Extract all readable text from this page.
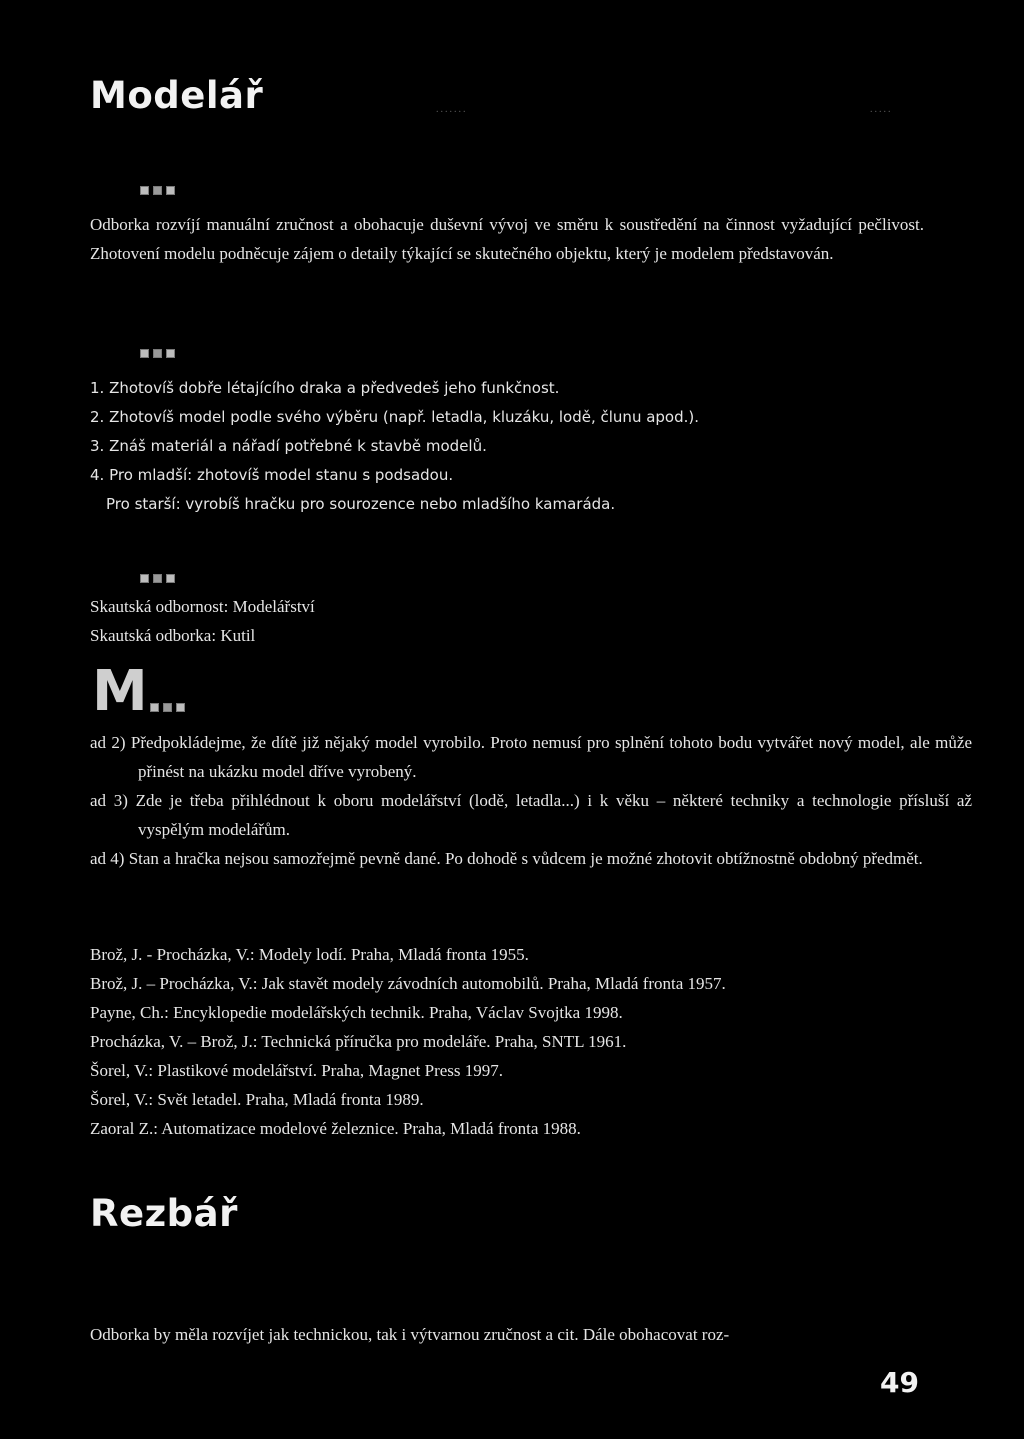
Modelář	.......	.....
Odborka rozvíjí manuální zručnost a obohacuje duševní vývoj ve směru k soustředění na činnost vyžadující pečlivost. Zhotovení modelu podněcuje zájem o detaily týkající se skutečného objektu, který je modelem představován.
1. Zhotovíš dobře létajícího draka a předvedeš jeho funkčnost.
2. Zhotovíš model podle svého výběru (např. letadla, kluzáku, lodě, člunu apod.).
3. Znáš materiál a nářadí potřebné k stavbě modelů.
4. Pro mladší: zhotovíš model stanu s podsadou.
Pro starší: vyrobíš hračku pro sourozence nebo mladšího kamaráda.
Skautská odbornost: Modelářství
Skautská odborka: Kutil
M
ad 2) Předpokládejme, že dítě již nějaký model vyrobilo. Proto nemusí pro splnění tohoto bodu vytvářet nový model, ale může přinést na ukázku model dříve vyrobený.
ad 3) Zde je třeba přihlédnout k oboru modelářství (lodě, letadla...) i k věku – některé techniky a technologie přísluší až vyspělým modelářům.
ad 4) Stan a hračka nejsou samozřejmě pevně dané. Po dohodě s vůdcem je možné zhotovit obtížnostně obdobný předmět.
Brož, J. - Procházka, V.: Modely lodí. Praha, Mladá fronta 1955.
Brož, J. – Procházka, V.: Jak stavět modely závodních automobilů. Praha, Mladá fronta 1957.
Payne, Ch.: Encyklopedie modelářských technik. Praha, Václav Svojtka 1998.
Procházka, V. – Brož, J.: Technická příručka pro modeláře. Praha, SNTL 1961.
Šorel, V.: Plastikové modelářství. Praha, Magnet Press 1997.
Šorel, V.: Svět letadel. Praha, Mladá fronta 1989.
Zaoral Z.: Automatizace modelové železnice. Praha, Mladá fronta 1988.
Rezbář
Odborka by měla rozvíjet jak technickou, tak i výtvarnou zručnost a cit. Dále obohacovat roz-
49
